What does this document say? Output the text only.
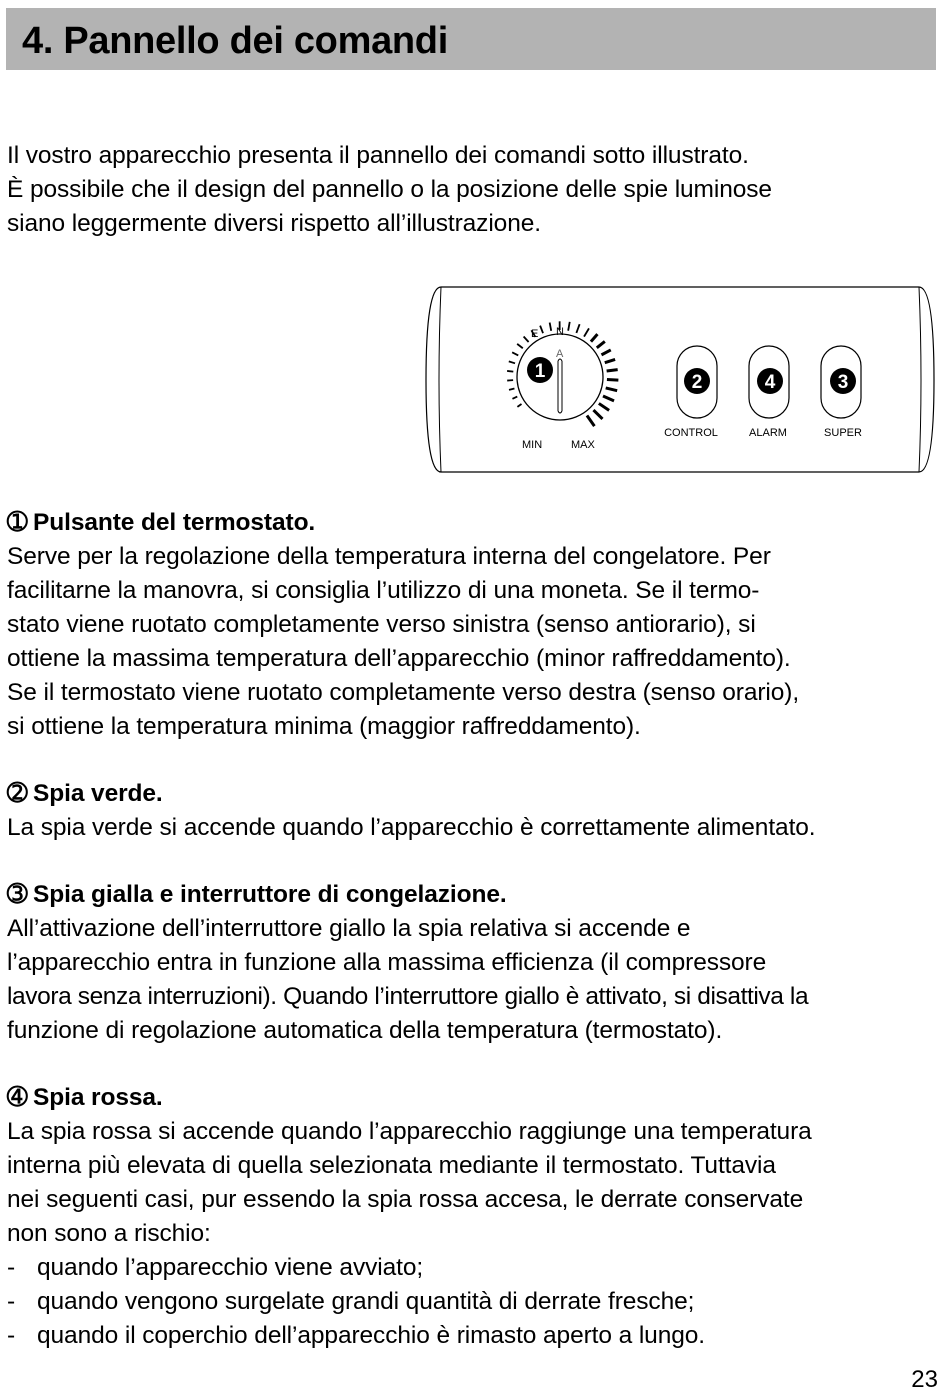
4. Pannello dei comandi

Il vostro apparecchio presenta il pannello dei comandi sotto illustrato.

È possibile che il design del pannello o la posizione delle spie luminose

siano leggermente diversi rispetto all’illustrazione.

E N
A
1
MIN	MAX
2
CONTROL
4
ALARM
3
SUPER

➀ Pulsante del termostato.

Serve per la regolazione della temperatura interna del congelatore. Per

facilitarne la manovra, si consiglia l’utilizzo di una moneta. Se il termo-

stato viene ruotato completamente verso sinistra (senso antiorario), si

ottiene la massima temperatura dell’apparecchio (minor raffreddamento).

Se il termostato viene ruotato completamente verso destra (senso orario),

si ottiene la temperatura minima (maggior raffreddamento).

➁ Spia verde.

La spia verde si accende quando l’apparecchio è correttamente alimentato.

➂ Spia gialla e interruttore di congelazione.

All’attivazione dell’interruttore giallo la spia relativa si accende e

l’apparecchio entra in funzione alla massima efficienza (il compressore

lavora senza interruzioni). Quando l’interruttore giallo è attivato, si disattiva la

funzione di regolazione automatica della temperatura (termostato).

➃ Spia rossa.

La spia rossa si accende quando l’apparecchio raggiunge una temperatura

interna più elevata di quella selezionata mediante il termostato. Tuttavia

nei seguenti casi, pur essendo la spia rossa accesa, le derrate conservate

non sono a rischio:

- quando l’apparecchio viene avviato;
- quando vengono surgelate grandi quantità di derrate fresche;
- quando il coperchio dell’apparecchio è rimasto aperto a lungo.
23
